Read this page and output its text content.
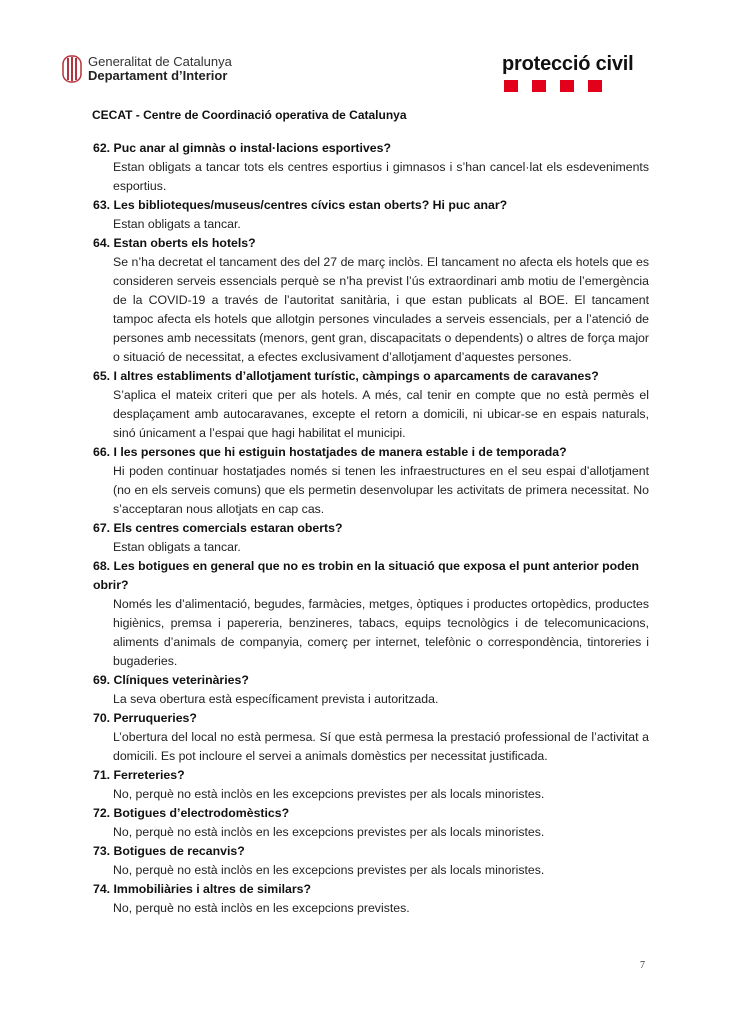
Generalitat de Catalunya
Departament d’Interior
protecció civil
CECAT - Centre de Coordinació operativa de Catalunya
62. Puc anar al gimnàs o instal·lacions esportives?
Estan obligats a tancar tots els centres esportius i gimnasos i s’han cancel·lat els esdeveniments esportius.
63. Les biblioteques/museus/centres cívics estan oberts? Hi puc anar?
Estan obligats a tancar.
64. Estan oberts els hotels?
Se n’ha decretat el tancament des del 27 de març inclòs. El tancament no afecta els hotels que es consideren serveis essencials perquè se n’ha previst l’ús extraordinari amb motiu de l’emergència de la COVID-19 a través de l’autoritat sanitària, i que estan publicats al BOE. El tancament tampoc afecta els hotels que allotgin persones vinculades a serveis essencials, per a l’atenció de persones amb necessitats (menors, gent gran, discapacitats o dependents) o altres de força major o situació de necessitat, a efectes exclusivament d’allotjament d’aquestes persones.
65. I altres establiments d’allotjament turístic, càmpings o aparcaments de caravanes?
S’aplica el mateix criteri que per als hotels. A més, cal tenir en compte que no està permès el desplaçament amb autocaravanes, excepte el retorn a domicili, ni ubicar-se en espais naturals, sinó únicament a l’espai que hagi habilitat el municipi.
66. I les persones que hi estiguin hostatjades de manera estable i de temporada?
Hi poden continuar hostatjades només si tenen les infraestructures en el seu espai d’allotjament (no en els serveis comuns) que els permetin desenvolupar les activitats de primera necessitat. No s’acceptaran nous allotjats en cap cas.
67. Els centres comercials estaran oberts?
Estan obligats a tancar.
68. Les botigues en general que no es trobin en la situació que exposa el punt anterior poden obrir?
Només les d’alimentació, begudes, farmàcies, metges, òptiques i productes ortopèdics, productes higiènics, premsa i papereria, benzineres, tabacs, equips tecnològics i de telecomunicacions, aliments d’animals de companyia, comerç per internet, telefònic o correspondència, tintoreries i bugaderies.
69. Clíniques veterinàries?
La seva obertura està específicament prevista i autoritzada.
70. Perruqueries?
L’obertura del local no està permesa. Sí que està permesa la prestació professional de l’activitat a domicili. Es pot incloure el servei a animals domèstics per necessitat justificada.
71. Ferreteries?
No, perquè no està inclòs en les excepcions previstes per als locals minoristes.
72. Botigues d’electrodomèstics?
No, perquè no està inclòs en les excepcions previstes per als locals minoristes.
73. Botigues de recanvis?
No, perquè no està inclòs en les excepcions previstes per als locals minoristes.
74. Immobiliàries i altres de similars?
No, perquè no està inclòs en les excepcions previstes.
7
